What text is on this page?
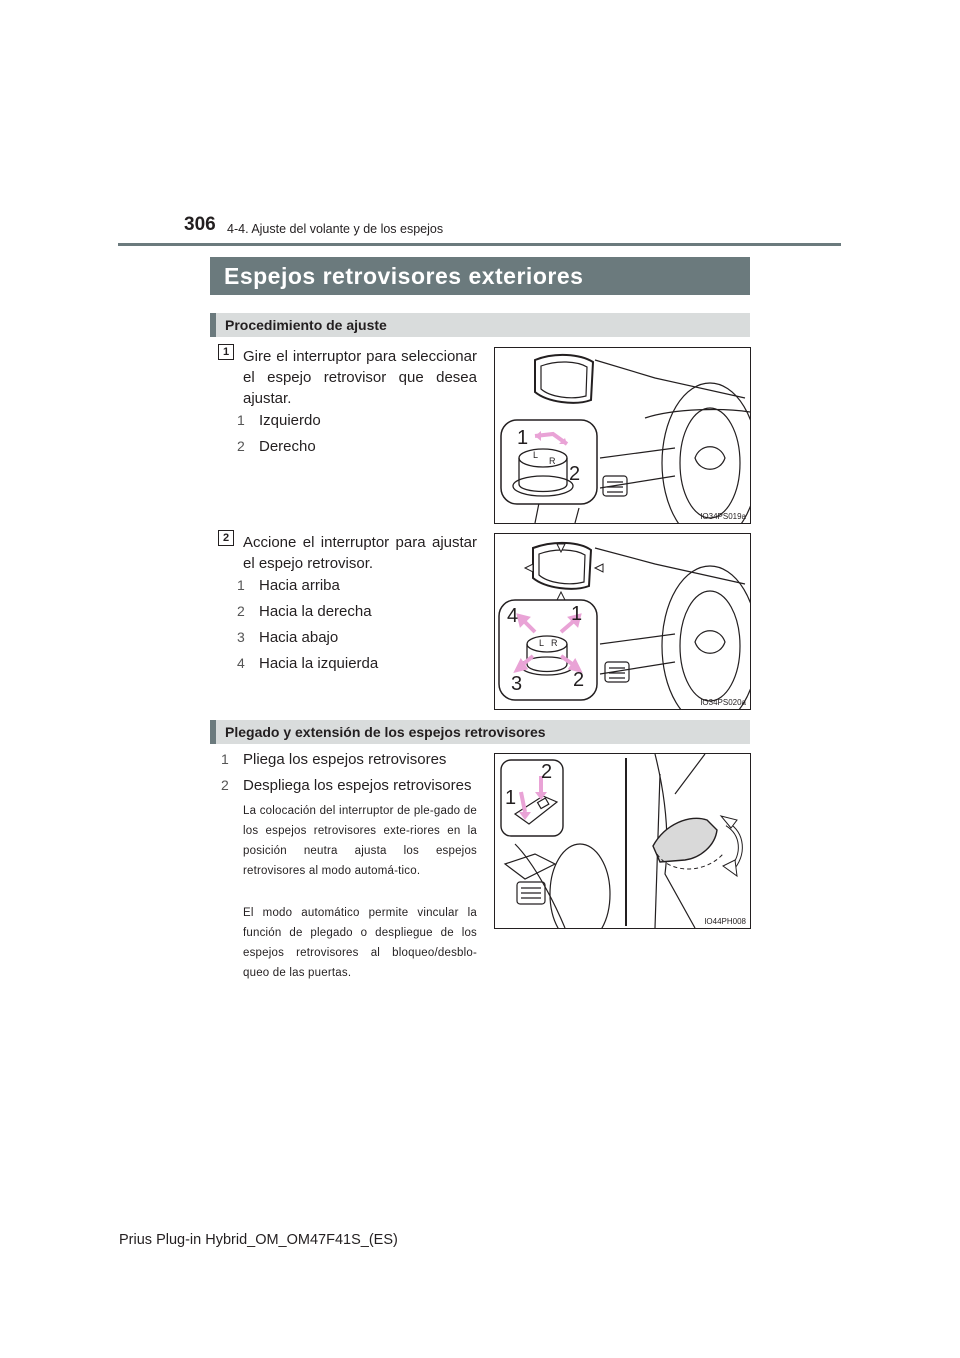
306 4-4. Ajuste del volante y de los espejos
Espejos retrovisores exteriores
Procedimiento de ajuste
1 Gire el interruptor para seleccionar el espejo retrovisor que desea ajustar.
1 Izquierdo
2 Derecho	L
R
1
2
IO34PS019a
2 Accione el interruptor para ajustar el espejo retrovisor.
1 Hacia arriba
2 Hacia la derecha
3 Hacia abajo
4 Hacia la izquierda
L R
4	1
3	2
IO34PS020a
Plegado y extensión de los espejos retrovisores
1 Pliega los espejos retrovisores
2 Despliega los espejos retrovisores
La colocación del interruptor de ple-gado de los espejos retrovisores exte-riores en la posición neutra ajusta los espejos retrovisores al modo automá-tico.
El modo automático permite vincular la función de plegado o despliegue de los espejos retrovisores al bloqueo/desblo-queo de las puertas.
2
1
IO44PH008
Prius Plug-in Hybrid_OM_OM47F41S_(ES)
